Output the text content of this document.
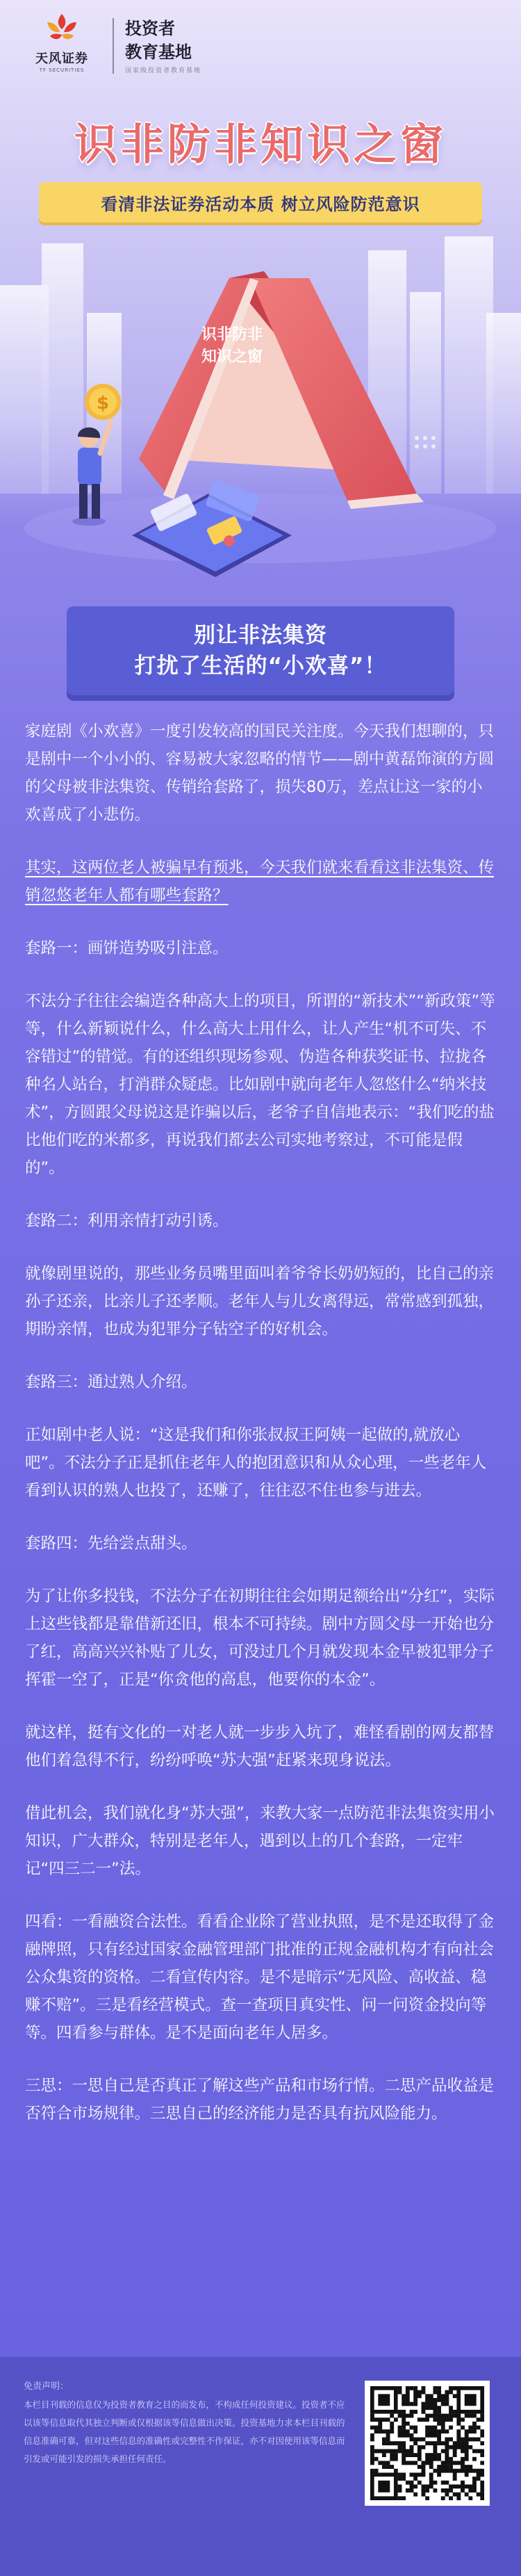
天风证券
TF SECURITIES
投资者
教育基地
国家级投资者教育基地
识非防非知识之窗
看清非法证券活动本质 树立风险防范意识
识非防非
知识之窗
$
别让非法集资
打扰了生活的“小欢喜”！

家庭剧《小欢喜》一度引发较高的国民关注度。今天我们想聊的，只是剧中一个小小的、容易被大家忽略的情节——剧中黄磊饰演的方圆的父母被非法集资、传销给套路了，损失80万，差点让这一家的小欢喜成了小悲伤。

其实，这两位老人被骗早有预兆，今天我们就来看看这非法集资、传销忽悠老年人都有哪些套路？

套路一：画饼造势吸引注意。

不法分子往往会编造各种高大上的项目，所谓的“新技术”“新政策”等等，什么新颖说什么，什么高大上用什么，让人产生“机不可失、不容错过”的错觉。有的还组织现场参观、伪造各种获奖证书、拉拢各种名人站台，打消群众疑虑。比如剧中就向老年人忽悠什么“纳米技术”，方圆跟父母说这是诈骗以后，老爷子自信地表示：“我们吃的盐比他们吃的米都多，再说我们都去公司实地考察过，不可能是假的”。

套路二：利用亲情打动引诱。

就像剧里说的，那些业务员嘴里面叫着爷爷长奶奶短的，比自己的亲孙子还亲，比亲儿子还孝顺。老年人与儿女离得远，常常感到孤独，期盼亲情，也成为犯罪分子钻空子的好机会。

套路三：通过熟人介绍。

正如剧中老人说：“这是我们和你张叔叔王阿姨一起做的,就放心吧”。不法分子正是抓住老年人的抱团意识和从众心理，一些老年人看到认识的熟人也投了，还赚了，往往忍不住也参与进去。

套路四：先给尝点甜头。

为了让你多投钱，不法分子在初期往往会如期足额给出“分红”，实际上这些钱都是靠借新还旧，根本不可持续。剧中方圆父母一开始也分了红，高高兴兴补贴了儿女，可没过几个月就发现本金早被犯罪分子挥霍一空了，正是“你贪他的高息，他要你的本金”。

就这样，挺有文化的一对老人就一步步入坑了，难怪看剧的网友都替他们着急得不行，纷纷呼唤“苏大强”赶紧来现身说法。

借此机会，我们就化身“苏大强”，来教大家一点防范非法集资实用小知识，广大群众，特别是老年人，遇到以上的几个套路，一定牢记“四三二一”法。

四看：一看融资合法性。看看企业除了营业执照，是不是还取得了金融牌照，只有经过国家金融管理部门批准的正规金融机构才有向社会公众集资的资格。二看宣传内容。是不是暗示“无风险、高收益、稳赚不赔”。三是看经营模式。查一查项目真实性、问一问资金投向等等。四看参与群体。是不是面向老年人居多。

三思：一思自己是否真正了解这些产品和市场行情。二思产品收益是否符合市场规律。三思自己的经济能力是否具有抗风险能力。

免责声明：
本栏目刊载的信息仅为投资者教育之目的而发布，不构成任何投资建议。投资者不应以该等信息取代其独立判断或仅根据该等信息做出决策。投资基地力求本栏目刊载的信息准确可靠，但对这些信息的准确性或完整性不作保证，亦不对因使用该等信息而引发或可能引发的损失承担任何责任。
